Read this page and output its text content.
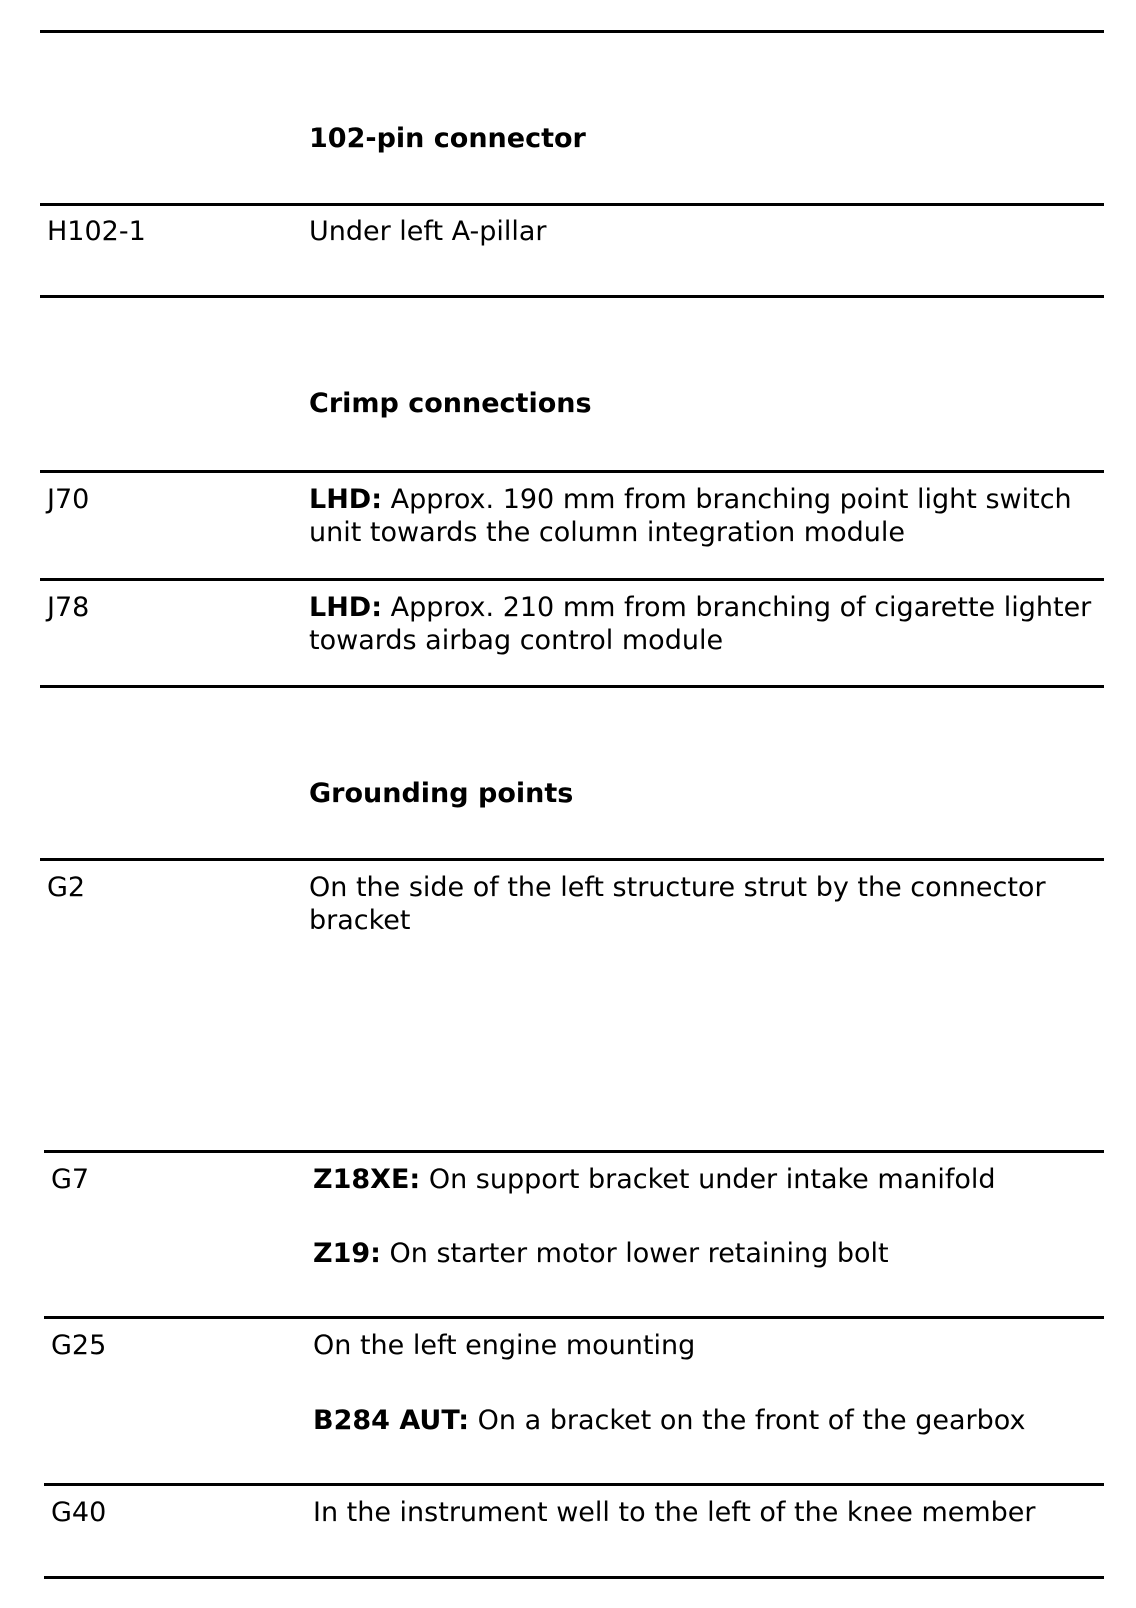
102-pin connector
H102-1	Under left A-pillar
Crimp connections
J70	LHD: Approx. 190 mm from branching point light switch unit towards the column integration module
J78	LHD: Approx. 210 mm from branching of cigarette lighter towards airbag control module
Grounding points
G2	On the side of the left structure strut by the connector bracket
G7	Z18XE: On support bracket under intake manifold
Z19: On starter motor lower retaining bolt
G25	On the left engine mounting
B284 AUT: On a bracket on the front of the gearbox
G40	In the instrument well to the left of the knee member
